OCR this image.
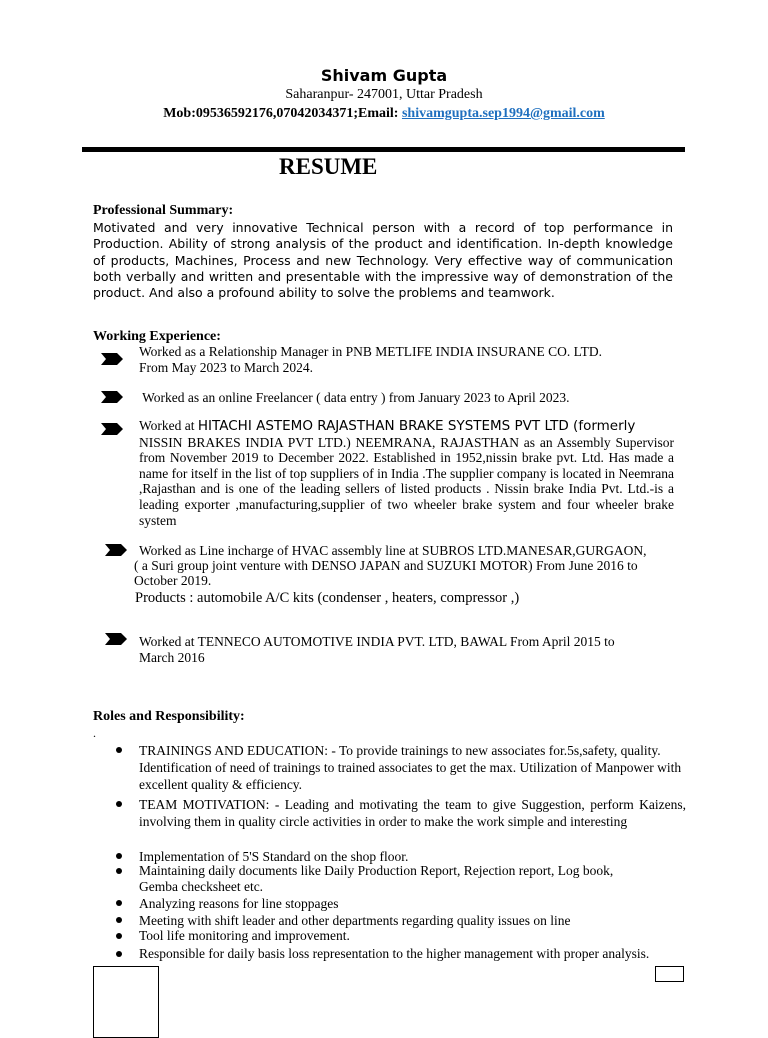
Shivam Gupta
Saharanpur- 247001, Uttar Pradesh
Mob:09536592176,07042034371;Email: shivamgupta.sep1994@gmail.com
RESUME
Professional Summary:
Motivated and very innovative Technical person with a record of top performance in Production. Ability of strong analysis of the product and identification. In-depth knowledge of products, Machines, Process and new Technology. Very effective way of communication both verbally and written and presentable with the impressive way of demonstration of the product. And also a profound ability to solve the problems and teamwork.
Working Experience:
Worked as a Relationship Manager in PNB METLIFE INDIA INSURANE CO. LTD.
From May 2023 to March 2024.
Worked as an online Freelancer ( data entry ) from January 2023 to April 2023.
Worked at HITACHI ASTEMO RAJASTHAN BRAKE SYSTEMS PVT LTD (formerly
NISSIN BRAKES INDIA PVT LTD.) NEEMRANA, RAJASTHAN as an Assembly Supervisor from November 2019 to December 2022. Established in 1952,nissin brake pvt. Ltd. Has made a name for itself in the list of top suppliers of in India .The supplier company is located in Neemrana ,Rajasthan and is one of the leading sellers of listed products . Nissin brake India Pvt. Ltd.-is a leading exporter ,manufacturing,supplier of two wheeler brake system and four wheeler brake system
Worked as Line incharge of HVAC assembly line at SUBROS LTD.MANESAR,GURGAON,
( a Suri group joint venture with DENSO JAPAN and SUZUKI MOTOR) From June 2016 to
October 2019.
Products : automobile A/C kits (condenser , heaters, compressor ,)
Worked at TENNECO AUTOMOTIVE INDIA PVT. LTD, BAWAL From April 2015 to
March 2016
Roles and Responsibility:
.
TRAININGS AND EDUCATION: - To provide trainings to new associates for.5s,safety, quality. Identification of need of trainings to trained associates to get the max. Utilization of Manpower with excellent quality & efficiency.
TEAM MOTIVATION: - Leading and motivating the team to give Suggestion, perform Kaizens, involving them in quality circle activities in order to make the work simple and interesting
Implementation of 5'S Standard on the shop floor.
Maintaining daily documents like Daily Production Report, Rejection report, Log book, Gemba checksheet etc.
Analyzing reasons for line stoppages
Meeting with shift leader and other departments regarding quality issues on line
Tool life monitoring and improvement.
Responsible for daily basis loss representation to the higher management with proper analysis.
